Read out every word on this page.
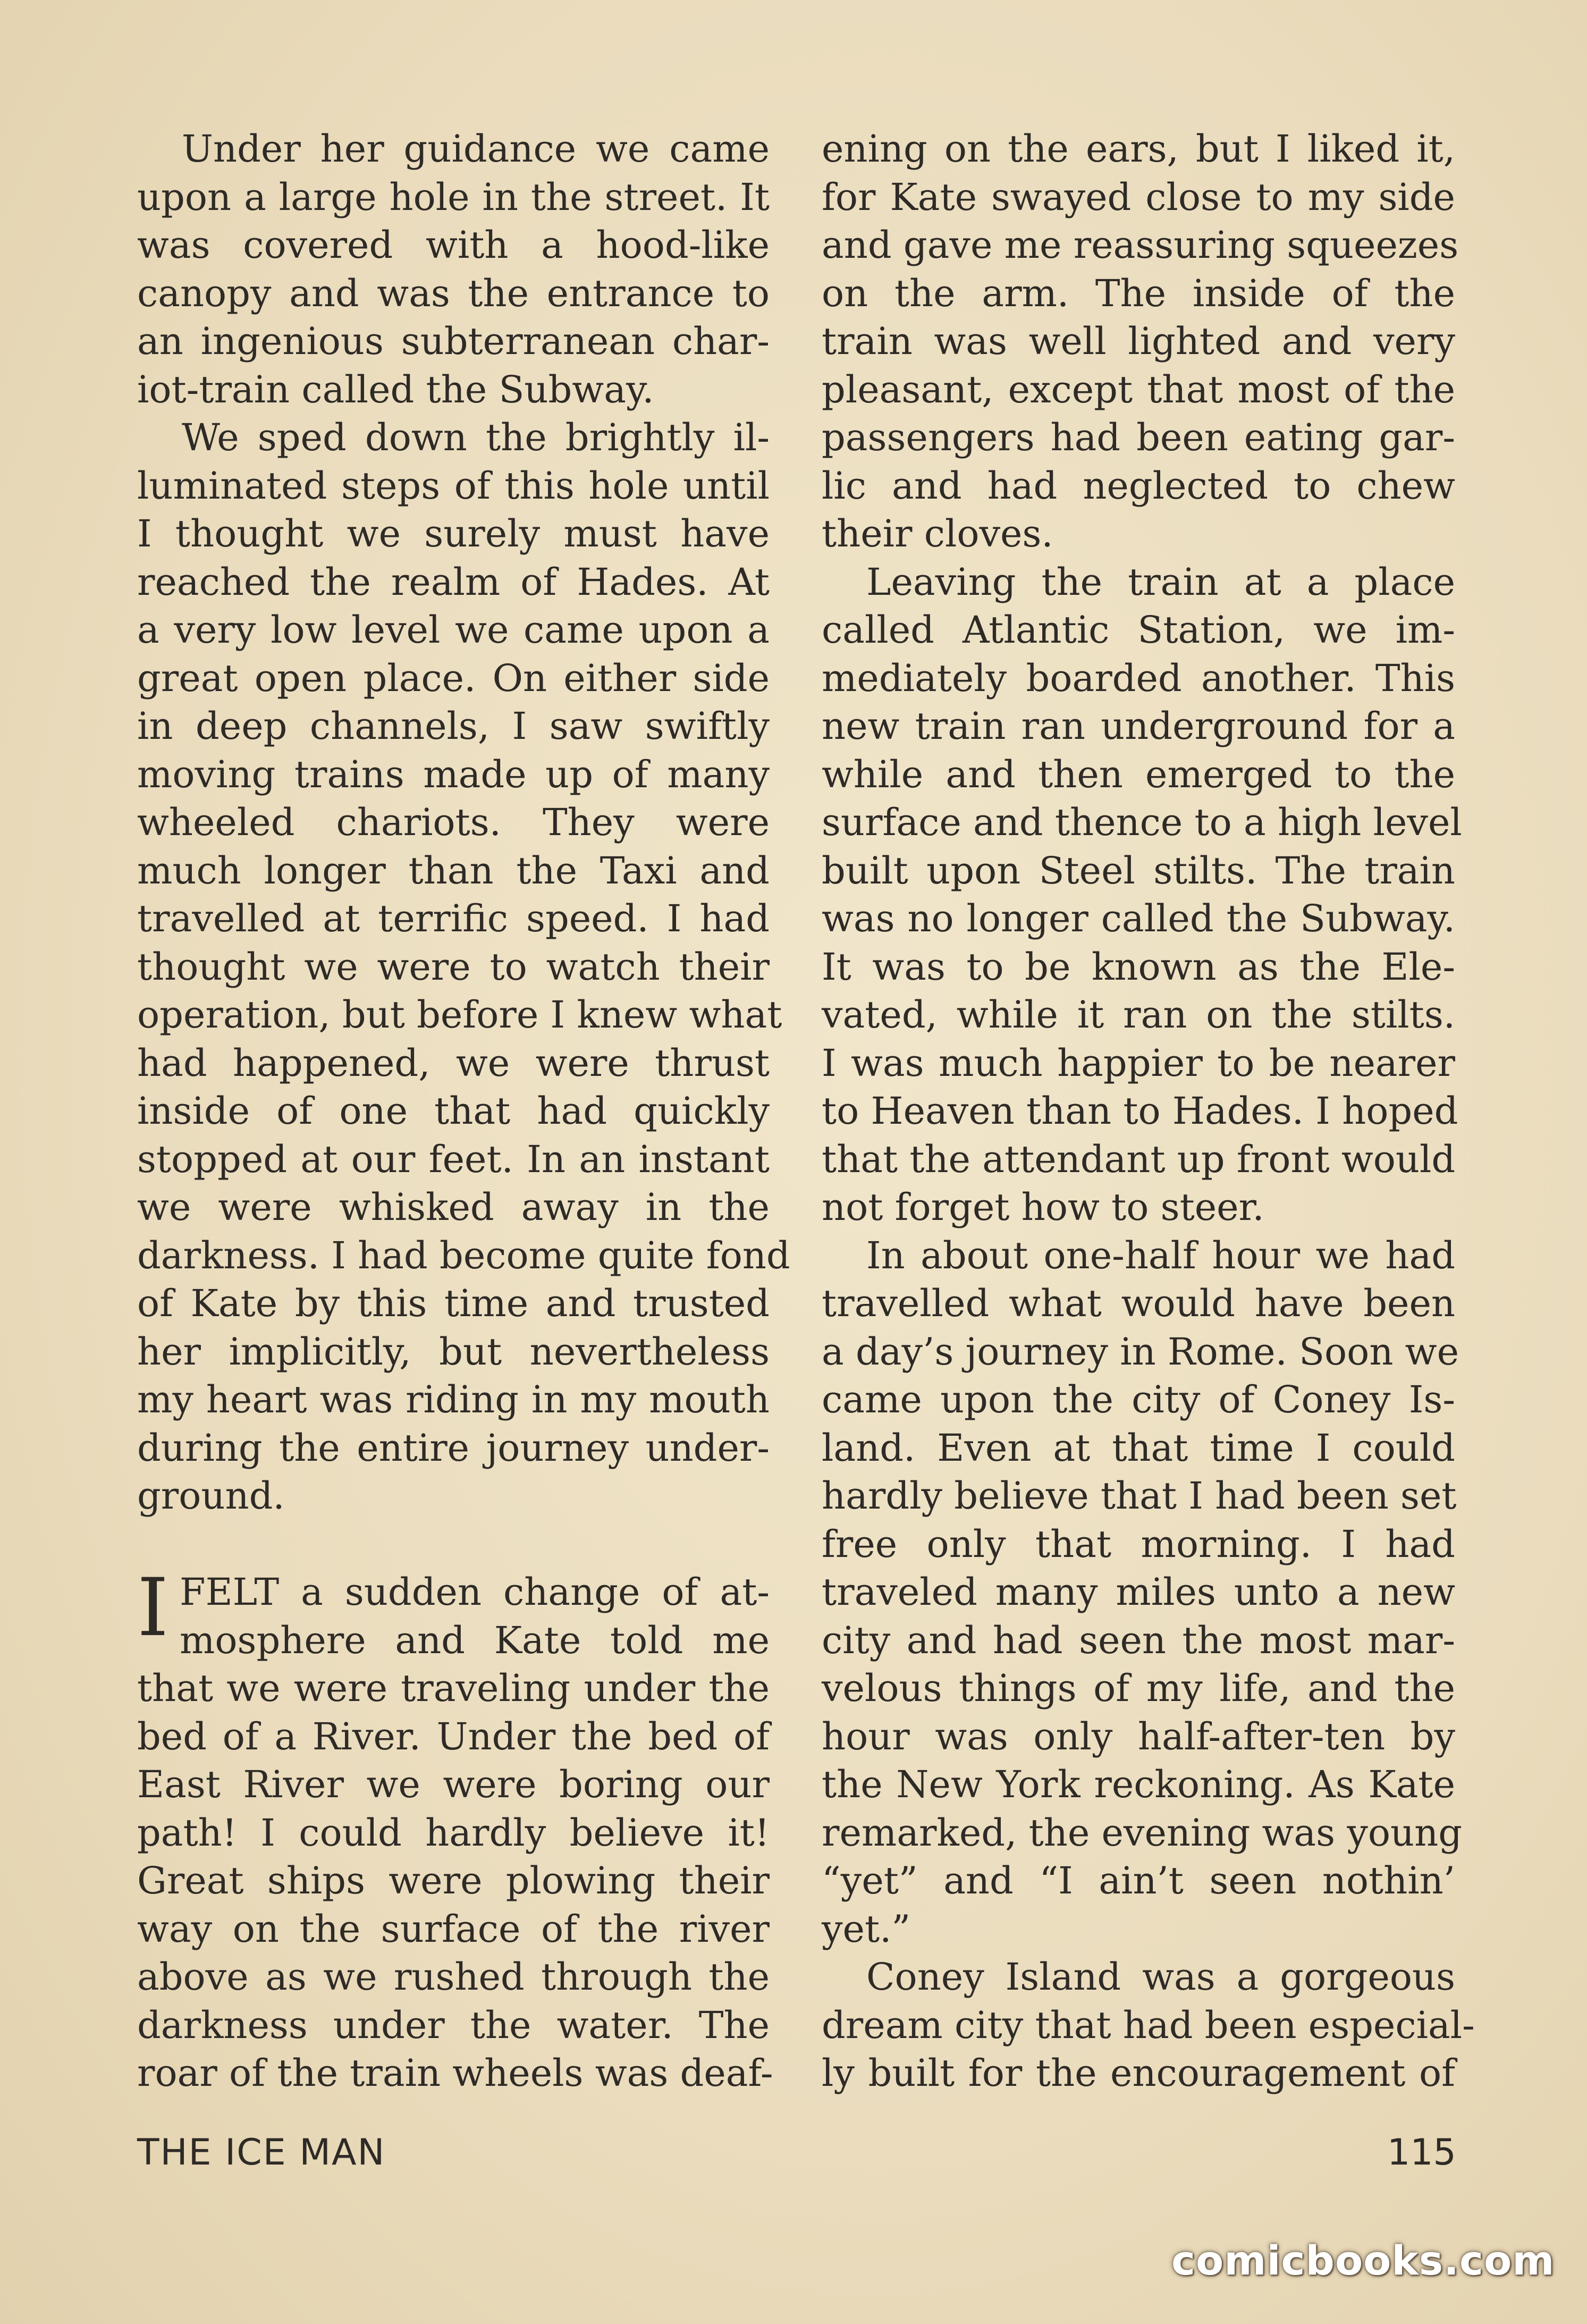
Under her guidance we came
upon a large hole in the street. It
was covered with a hood-like
canopy and was the entrance to
an ingenious subterranean char-
iot-train called the Subway.
We sped down the brightly il-
luminated steps of this hole until
I thought we surely must have
reached the realm of Hades. At
a very low level we came upon a
great open place. On either side
in deep channels, I saw swiftly
moving trains made up of many
wheeled chariots. They were
much longer than the Taxi and
travelled at terrific speed. I had
thought we were to watch their
operation, but before I knew what
had happened, we were thrust
inside of one that had quickly
stopped at our feet. In an instant
we were whisked away in the
darkness. I had become quite fond
of Kate by this time and trusted
her implicitly, but nevertheless
my heart was riding in my mouth
during the entire journey under-
ground.
I FELT a sudden change of at-
mosphere and Kate told me
that we were traveling under the
bed of a River. Under the bed of
East River we were boring our
path! I could hardly believe it!
Great ships were plowing their
way on the surface of the river
above as we rushed through the
darkness under the water. The
roar of the train wheels was deaf-
ening on the ears, but I liked it,
for Kate swayed close to my side
and gave me reassuring squeezes
on the arm. The inside of the
train was well lighted and very
pleasant, except that most of the
passengers had been eating gar-
lic and had neglected to chew
their cloves.
Leaving the train at a place
called Atlantic Station, we im-
mediately boarded another. This
new train ran underground for a
while and then emerged to the
surface and thence to a high level
built upon Steel stilts. The train
was no longer called the Subway.
It was to be known as the Ele-
vated, while it ran on the stilts.
I was much happier to be nearer
to Heaven than to Hades. I hoped
that the attendant up front would
not forget how to steer.
In about one-half hour we had
travelled what would have been
a day’s journey in Rome. Soon we
came upon the city of Coney Is-
land. Even at that time I could
hardly believe that I had been set
free only that morning. I had
traveled many miles unto a new
city and had seen the most mar-
velous things of my life, and the
hour was only half-after-ten by
the New York reckoning. As Kate
remarked, the evening was young
“yet” and “I ain’t seen nothin’
yet.”
Coney Island was a gorgeous
dream city that had been especial-
ly built for the encouragement of
THE ICE MAN	115
comicbooks.com
